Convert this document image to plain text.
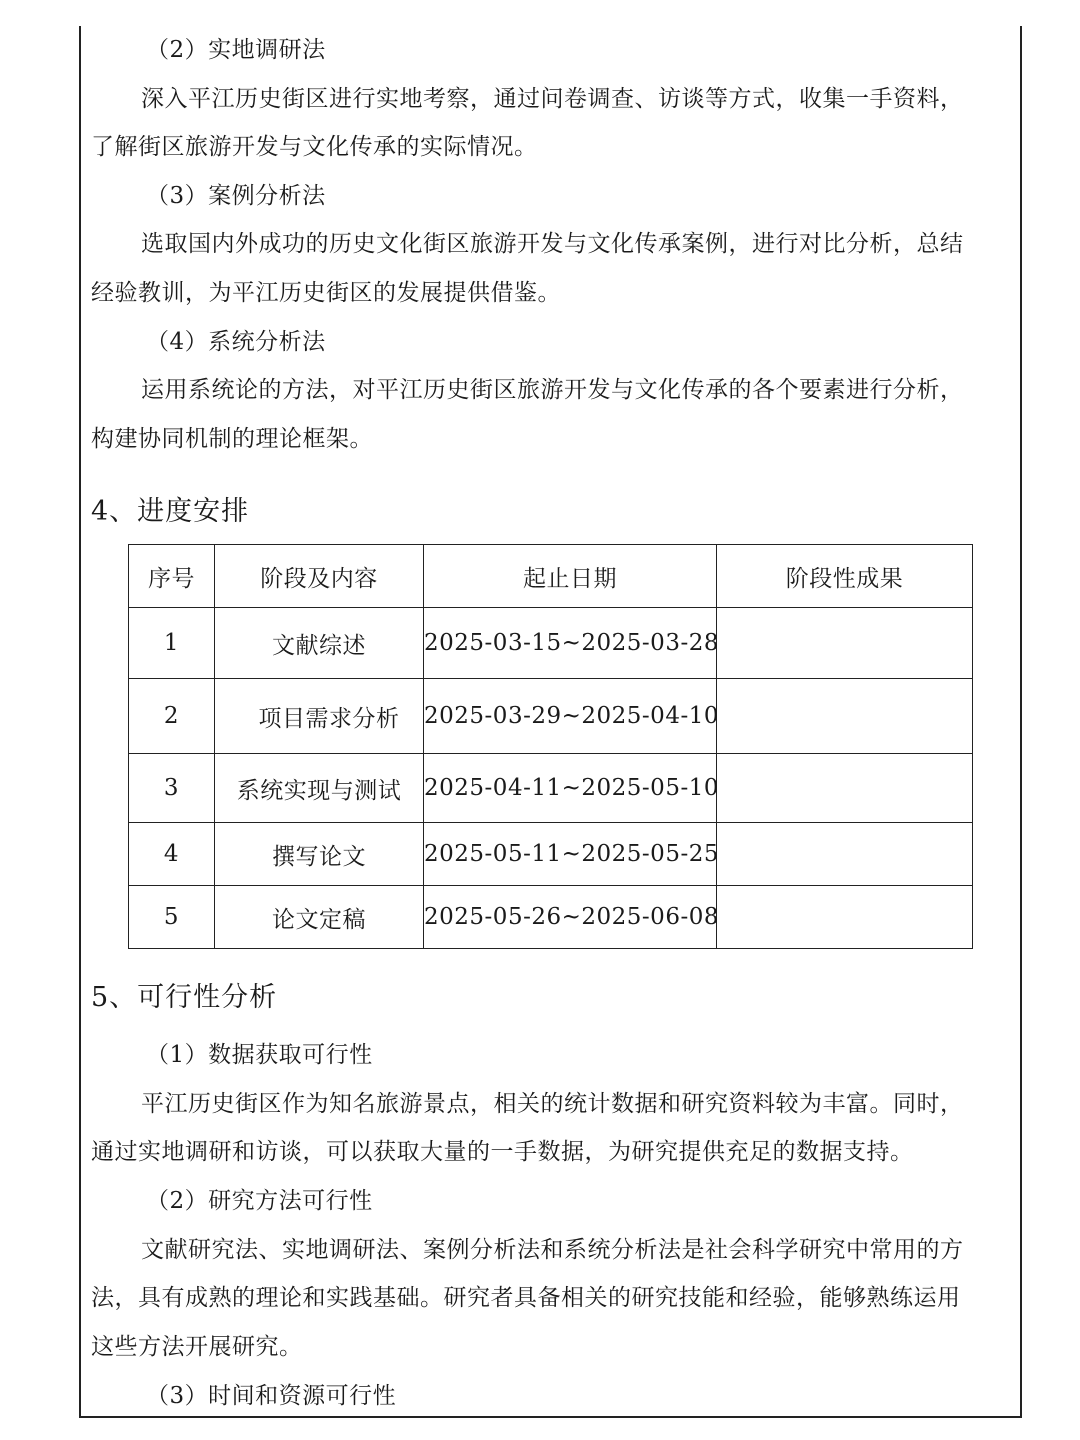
（2）实地调研法
深入平江历史街区进行实地考察，通过问卷调查、访谈等方式，收集一手资料，
了解街区旅游开发与文化传承的实际情况。
（3）案例分析法
选取国内外成功的历史文化街区旅游开发与文化传承案例，进行对比分析，总结
经验教训，为平江历史街区的发展提供借鉴。
（4）系统分析法
运用系统论的方法，对平江历史街区旅游开发与文化传承的各个要素进行分析，
构建协同机制的理论框架。
4、进度安排
序号	阶段及内容	起止日期	阶段性成果
1	文献综述	2025-03-15~2025-03-28	
2	项目需求分析	2025-03-29~2025-04-10	
3	系统实现与测试	2025-04-11~2025-05-10	
4	撰写论文	2025-05-11~2025-05-25	
5	论文定稿	2025-05-26~2025-06-08	
5、可行性分析
（1）数据获取可行性
平江历史街区作为知名旅游景点，相关的统计数据和研究资料较为丰富。同时，
通过实地调研和访谈，可以获取大量的一手数据，为研究提供充足的数据支持。
（2）研究方法可行性
文献研究法、实地调研法、案例分析法和系统分析法是社会科学研究中常用的方
法，具有成熟的理论和实践基础。研究者具备相关的研究技能和经验，能够熟练运用
这些方法开展研究。
（3）时间和资源可行性
